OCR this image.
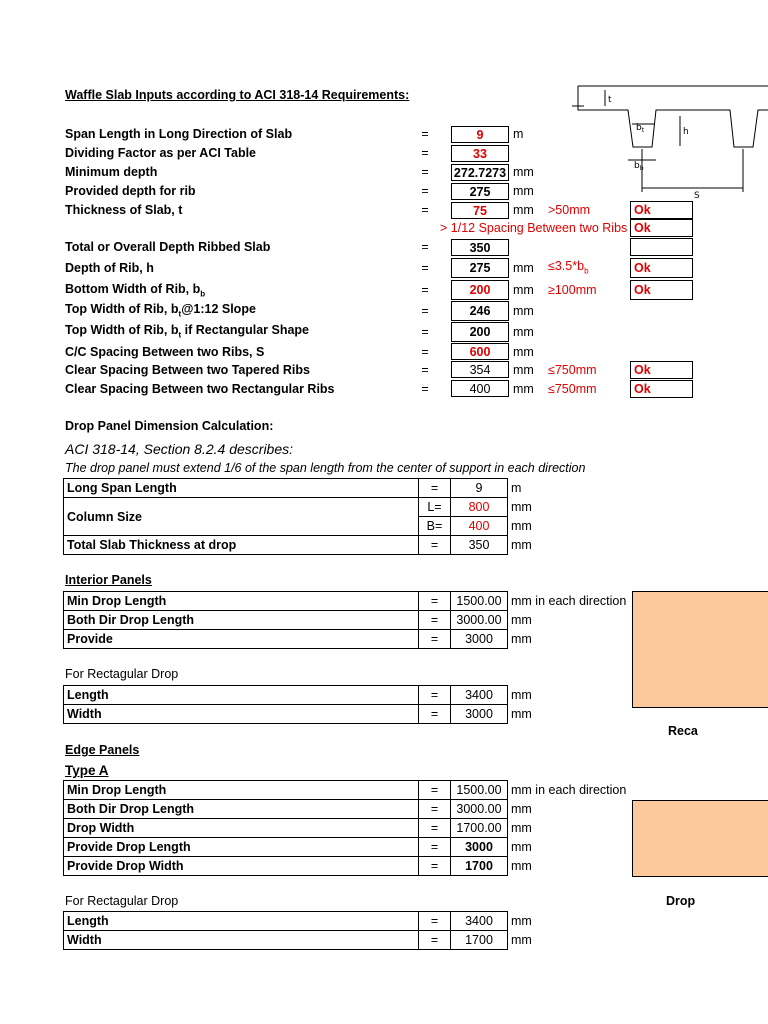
Waffle Slab Inputs according to ACI 318-14 Requirements:	t
$b_t$	h
$b_b$
S
Span Length in Long Direction of Slab	=	9	m
Dividing Factor as per ACI Table	=	33
Minimum depth	= 272.7273 mm
Provided depth for rib	=	275	mm
Thickness of Slab, t	=	75	mm >50mm	Ok
> 1/12 Spacing Between two Ribs Ok
Total or Overall Depth Ribbed Slab	=	350
Depth of Rib, h	=	275	mm $\le 3.5*b_b$	Ok
Bottom Width of Rib, $b_b$	=	200	mm ≥100mm	Ok
Top Width of Rib, $b_t@1:12$ Slope	=	246	mm
Top Width of Rib, $b_t$ if Rectangular Shape	=	200	mm
C/C Spacing Between two Ribs, S	=	600	mm
Clear Spacing Between two Tapered Ribs	=	354	mm ≤750mm	Ok
Clear Spacing Between two Rectangular Ribs	=	400	mm ≤750mm	Ok
Drop Panel Dimension Calculation:
ACI 318-14, Section 8.2.4 describes:
The drop panel must extend 1/6 of the span length from the center of support in each direction
Long Span Length	=	9	m
Column Size	L=	800	mm
	B=	400	mm
Total Slab Thickness at drop	=	350	mm
Interior Panels
Min Drop Length	=	1500.00	mm in each direction
Both Dir Drop Length	=	3000.00	mm
Provide	=	3000	mm
For Rectagular Drop
Length	=	3400	mm
Width	=	3000	mm
Reca
Edge Panels
Type A
Min Drop Length	=	1500.00	mm in each direction
Both Dir Drop Length	=	3000.00	mm
Drop Width	=	1700.00	mm
Provide Drop Length	=	3000	mm
Provide Drop Width	=	1700	mm
Drop
For Rectagular Drop
Length	=	3400	mm
Width	=	1700	mm
